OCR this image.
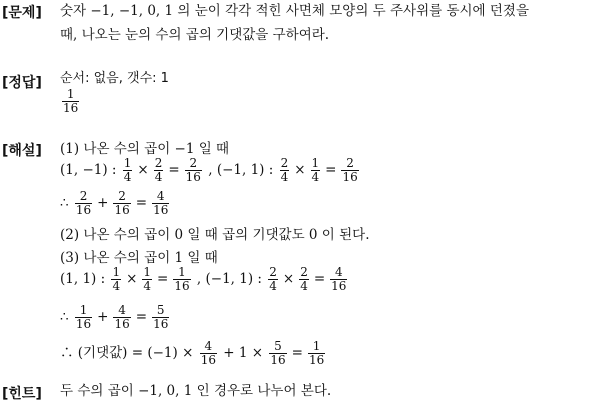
[문제] 숫자 −1, −1, 0, 1 의 눈이 각각 적힌 사면체 모양의 두 주사위를 동시에 던졌을
때, 나오는 눈의 수의 곱의 기댓값을 구하여라.
[정답] 순서: 없음, 갯수: 1
$\frac{1}{16}$
[해설] (1) 나온 수의 곱이 −1 일 때
(1, −1) : $\frac{1}{4} \times \frac{2}{4} = \frac{2}{16}$ , (−1, 1) : $\frac{2}{4} \times \frac{1}{4} = \frac{2}{16}$
∴ $\frac{2}{16} + \frac{2}{16} = \frac{4}{16}$
(2) 나온 수의 곱이 0 일 때 곱의 기댓값도 0 이 된다.
(3) 나온 수의 곱이 1 일 때
(1, 1) : $\frac{1}{4} \times \frac{1}{4} = \frac{1}{16}$ , (−1, 1) : $\frac{2}{4} \times \frac{2}{4} = \frac{4}{16}$
∴ $\frac{1}{16} + \frac{4}{16} = \frac{5}{16}$
∴ (기댓값) = $(-1) \times \frac{4}{16} + 1 \times \frac{5}{16} = \frac{1}{16}$
[힌트] 두 수의 곱이 −1, 0, 1 인 경우로 나누어 본다.
